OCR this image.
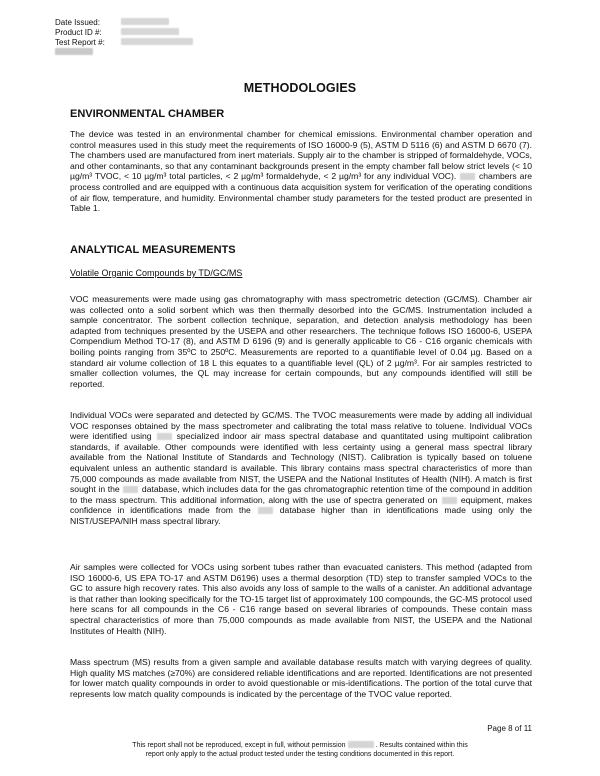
Date Issued:
Product ID #:
Test Report #:
METHODOLOGIES
ENVIRONMENTAL CHAMBER
The device was tested in an environmental chamber for chemical emissions. Environmental chamber operation and control measures used in this study meet the requirements of ISO 16000-9 (5), ASTM D 5116 (6) and ASTM D 6670 (7). The chambers used are manufactured from inert materials. Supply air to the chamber is stripped of formaldehyde, VOCs, and other contaminants, so that any contaminant backgrounds present in the empty chamber fall below strict levels (< 10 µg/m³ TVOC, < 10 µg/m³ total particles, < 2 µg/m³ formaldehyde, < 2 µg/m³ for any individual VOC).	chambers are process controlled and are equipped with a continuous data acquisition system for verification of the operating conditions of air flow, temperature, and humidity. Environmental chamber study parameters for the tested product are presented in Table 1.
ANALYTICAL MEASUREMENTS
Volatile Organic Compounds by TD/GC/MS
VOC measurements were made using gas chromatography with mass spectrometric detection (GC/MS). Chamber air was collected onto a solid sorbent which was then thermally desorbed into the GC/MS. Instrumentation included a sample concentrator. The sorbent collection technique, separation, and detection analysis methodology has been adapted from techniques presented by the USEPA and other researchers. The technique follows ISO 16000-6, USEPA Compendium Method TO-17 (8), and ASTM D 6196 (9) and is generally applicable to C6 - C16 organic chemicals with boiling points ranging from 35ºC to 250ºC. Measurements are reported to a quantifiable level of 0.04 µg. Based on a standard air volume collection of 18 L this equates to a quantifiable level (QL) of 2 µg/m³. For air samples restricted to smaller collection volumes, the QL may increase for certain compounds, but any compounds identified will still be reported.
Individual VOCs were separated and detected by GC/MS. The TVOC measurements were made by adding all individual VOC responses obtained by the mass spectrometer and calibrating the total mass relative to toluene. Individual VOCs were identified using	specialized indoor air mass spectral database and quantitated using multipoint calibration standards, if available. Other compounds were identified with less certainty using a general mass spectral library available from the National Institute of Standards and Technology (NIST). Calibration is typically based on toluene equivalent unless an authentic standard is available. This library contains mass spectral characteristics of more than 75,000 compounds as made available from NIST, the USEPA and the National Institutes of Health (NIH). A match is first sought in the	database, which includes data for the gas chromatographic retention time of the compound in addition to the mass spectrum. This additional information, along with the use of spectra generated on	equipment, makes confidence in identifications made from the	database higher than in identifications made using only the NIST/USEPA/NIH mass spectral library.
Air samples were collected for VOCs using sorbent tubes rather than evacuated canisters. This method (adapted from ISO 16000-6, US EPA TO-17 and ASTM D6196) uses a thermal desorption (TD) step to transfer sampled VOCs to the GC to assure high recovery rates. This also avoids any loss of sample to the walls of a canister. An additional advantage is that rather than looking specifically for the TO-15 target list of approximately 100 compounds, the GC-MS protocol used here scans for all compounds in the C6 - C16 range based on several libraries of compounds. These contain mass spectral characteristics of more than 75,000 compounds as made available from NIST, the USEPA and the National Institutes of Health (NIH).
Mass spectrum (MS) results from a given sample and available database results match with varying degrees of quality. High quality MS matches (≥70%) are considered reliable identifications and are reported. Identifications are not presented for lower match quality compounds in order to avoid questionable or mis-identifications. The portion of the total curve that represents low match quality compounds is indicated by the percentage of the TVOC value reported.
Page 8 of 11
This report shall not be reproduced, except in full, without permission	. Results contained within this
report only apply to the actual product tested under the testing conditions documented in this report.
